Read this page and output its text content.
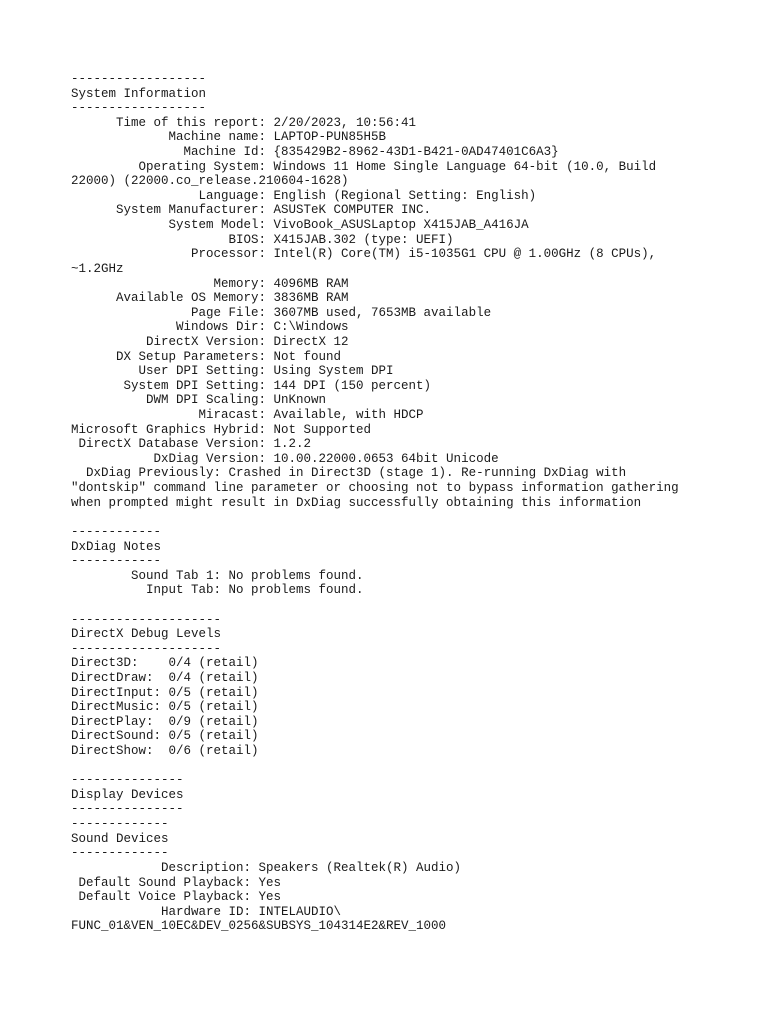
------------------
System Information
------------------
Time of this report: 2/20/2023, 10:56:41
Machine name: LAPTOP-PUN85H5B
Machine Id: {835429B2-8962-43D1-B421-0AD47401C6A3}
Operating System: Windows 11 Home Single Language 64-bit (10.0, Build
22000) (22000.co_release.210604-1628)
Language: English (Regional Setting: English)
System Manufacturer: ASUSTeK COMPUTER INC.
System Model: VivoBook_ASUSLaptop X415JAB_A416JA
BIOS: X415JAB.302 (type: UEFI)
Processor: Intel(R) Core(TM) i5-1035G1 CPU @ 1.00GHz (8 CPUs),
~1.2GHz
Memory: 4096MB RAM
Available OS Memory: 3836MB RAM
Page File: 3607MB used, 7653MB available
Windows Dir: C:\Windows
DirectX Version: DirectX 12
DX Setup Parameters: Not found
User DPI Setting: Using System DPI
System DPI Setting: 144 DPI (150 percent)
DWM DPI Scaling: UnKnown
Miracast: Available, with HDCP
Microsoft Graphics Hybrid: Not Supported
DirectX Database Version: 1.2.2
DxDiag Version: 10.00.22000.0653 64bit Unicode
DxDiag Previously: Crashed in Direct3D (stage 1). Re-running DxDiag with
"dontskip" command line parameter or choosing not to bypass information gathering
when prompted might result in DxDiag successfully obtaining this information
------------
DxDiag Notes
------------
Sound Tab 1: No problems found.
Input Tab: No problems found.
--------------------
DirectX Debug Levels
--------------------
Direct3D:    0/4 (retail)
DirectDraw:  0/4 (retail)
DirectInput: 0/5 (retail)
DirectMusic: 0/5 (retail)
DirectPlay:  0/9 (retail)
DirectSound: 0/5 (retail)
DirectShow:  0/6 (retail)
---------------
Display Devices
---------------
-------------
Sound Devices
-------------
Description: Speakers (Realtek(R) Audio)
Default Sound Playback: Yes
Default Voice Playback: Yes
Hardware ID: INTELAUDIO\
FUNC_01&VEN_10EC&DEV_0256&SUBSYS_104314E2&REV_1000
